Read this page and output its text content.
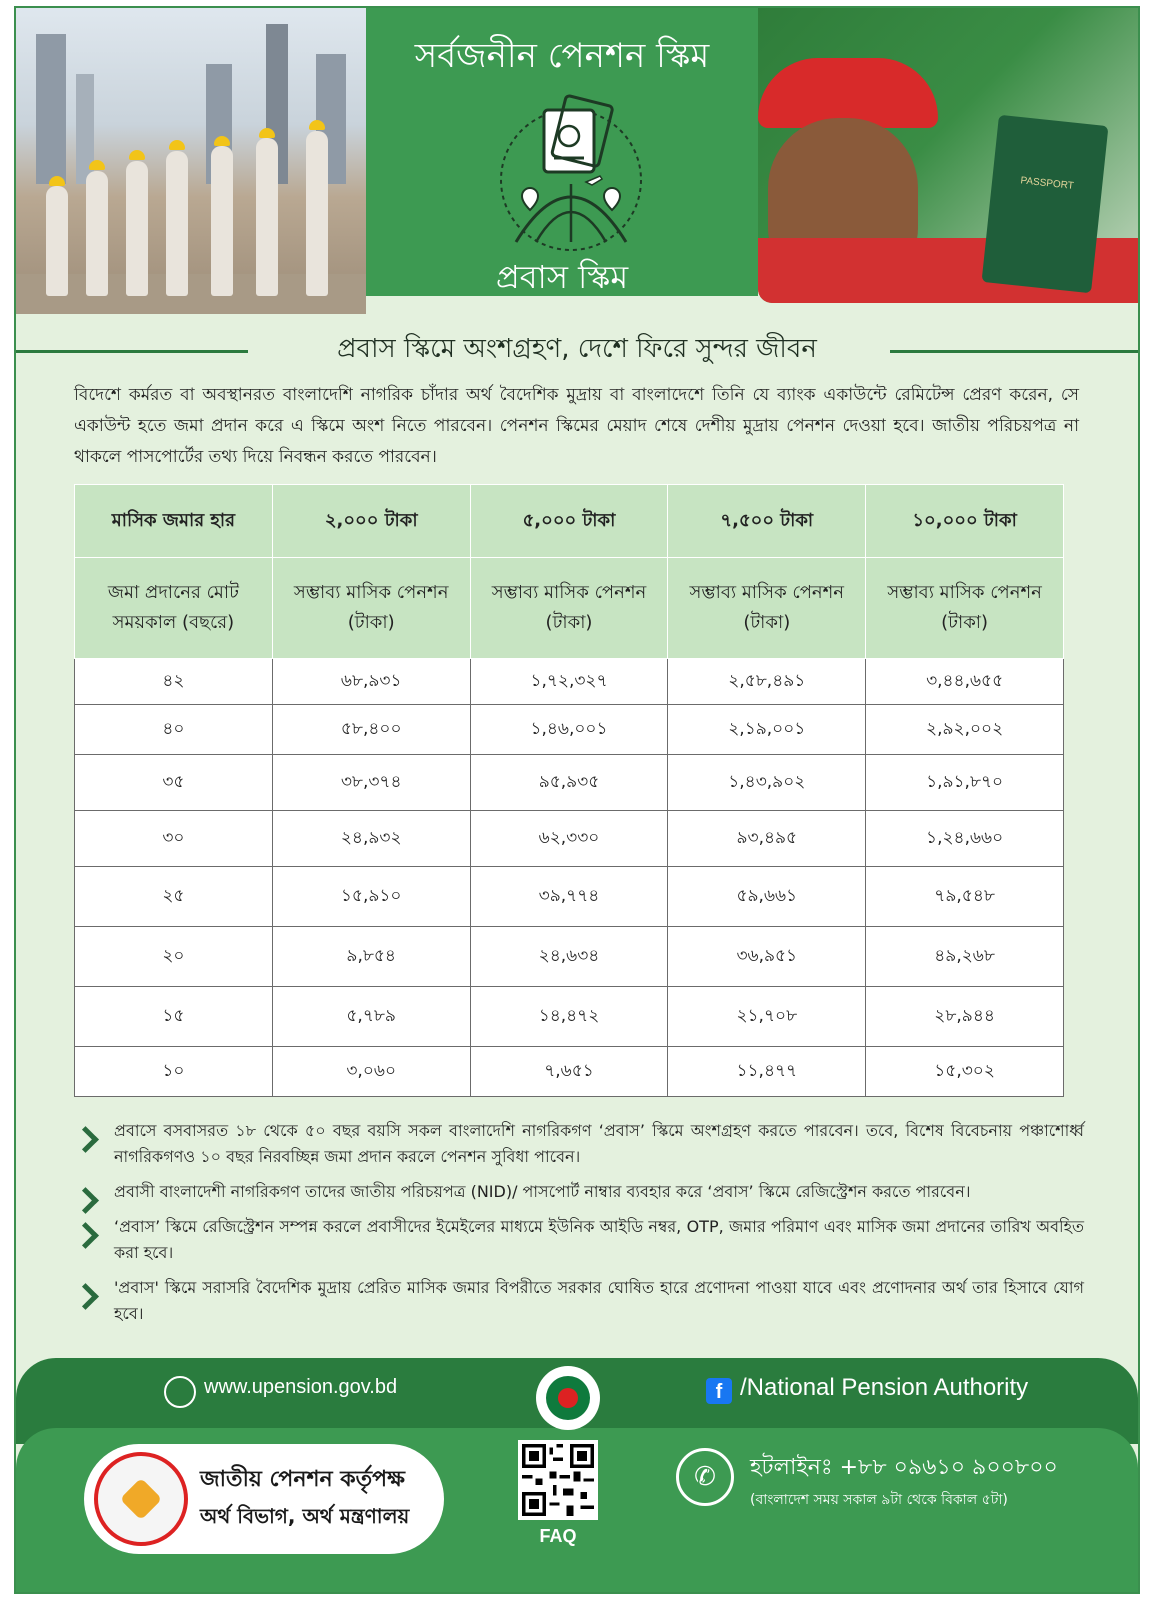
সর্বজনীন পেনশন স্কিম
প্রবাস স্কিম
PASSPORT
প্রবাস স্কিমে অংশগ্রহণ, দেশে ফিরে সুন্দর জীবন
বিদেশে কর্মরত বা অবস্থানরত বাংলাদেশি নাগরিক চাঁদার অর্থ বৈদেশিক মুদ্রায় বা বাংলাদেশে তিনি যে ব্যাংক একাউন্টে রেমিটেন্স প্রেরণ করেন, সে একাউন্ট হতে জমা প্রদান করে এ স্কিমে অংশ নিতে পারবেন। পেনশন স্কিমের মেয়াদ শেষে দেশীয় মুদ্রায় পেনশন দেওয়া হবে। জাতীয় পরিচয়পত্র না থাকলে পাসপোর্টের তথ্য দিয়ে নিবন্ধন করতে পারবেন।
মাসিক জমার হার	২,০০০ টাকা	৫,০০০ টাকা	৭,৫০০ টাকা	১০,০০০ টাকা
জমা প্রদানের মোট সময়কাল (বছরে)	সম্ভাব্য মাসিক পেনশন (টাকা)	সম্ভাব্য মাসিক পেনশন (টাকা)	সম্ভাব্য মাসিক পেনশন (টাকা)	সম্ভাব্য মাসিক পেনশন (টাকা)
৪২	৬৮,৯৩১	১,৭২,৩২৭	২,৫৮,৪৯১	৩,৪৪,৬৫৫
৪০	৫৮,৪০০	১,৪৬,০০১	২,১৯,০০১	২,৯২,০০২
৩৫	৩৮,৩৭৪	৯৫,৯৩৫	১,৪৩,৯০২	১,৯১,৮৭০
৩০	২৪,৯৩২	৬২,৩৩০	৯৩,৪৯৫	১,২৪,৬৬০
২৫	১৫,৯১০	৩৯,৭৭৪	৫৯,৬৬১	৭৯,৫৪৮
২০	৯,৮৫৪	২৪,৬৩৪	৩৬,৯৫১	৪৯,২৬৮
১৫	৫,৭৮৯	১৪,৪৭২	২১,৭০৮	২৮,৯৪৪
১০	৩,০৬০	৭,৬৫১	১১,৪৭৭	১৫,৩০২
প্রবাসে বসবাসরত ১৮ থেকে ৫০ বছর বয়সি সকল বাংলাদেশি নাগরিকগণ ‘প্রবাস’ স্কিমে অংশগ্রহণ করতে পারবেন। তবে, বিশেষ বিবেচনায় পঞ্চাশোর্ধ্ব নাগরিকগণও ১০ বছর নিরবচ্ছিন্ন জমা প্রদান করলে পেনশন সুবিধা পাবেন।
প্রবাসী বাংলাদেশী নাগরিকগণ তাদের জাতীয় পরিচয়পত্র (NID)/ পাসপোর্ট নাম্বার ব্যবহার করে ‘প্রবাস’ স্কিমে রেজিস্ট্রেশন করতে পারবেন।
‘প্রবাস’ স্কিমে রেজিস্ট্রেশন সম্পন্ন করলে প্রবাসীদের ইমেইলের মাধ্যমে ইউনিক আইডি নম্বর, OTP, জমার পরিমাণ এবং মাসিক জমা প্রদানের তারিখ অবহিত করা হবে।
'প্রবাস' স্কিমে সরাসরি বৈদেশিক মুদ্রায় প্রেরিত মাসিক জমার বিপরীতে সরকার ঘোষিত হারে প্রণোদনা পাওয়া যাবে এবং প্রণোদনার অর্থ তার হিসাবে যোগ হবে।
www.upension.gov.bd	f /National Pension Authority
জাতীয় পেনশন কর্তৃপক্ষ
অর্থ বিভাগ, অর্থ মন্ত্রণালয়
FAQ
✆	হটলাইনঃ +৮৮ ০৯৬১০ ৯০০৮০০
(বাংলাদেশ সময় সকাল ৯টা থেকে বিকাল ৫টা)
